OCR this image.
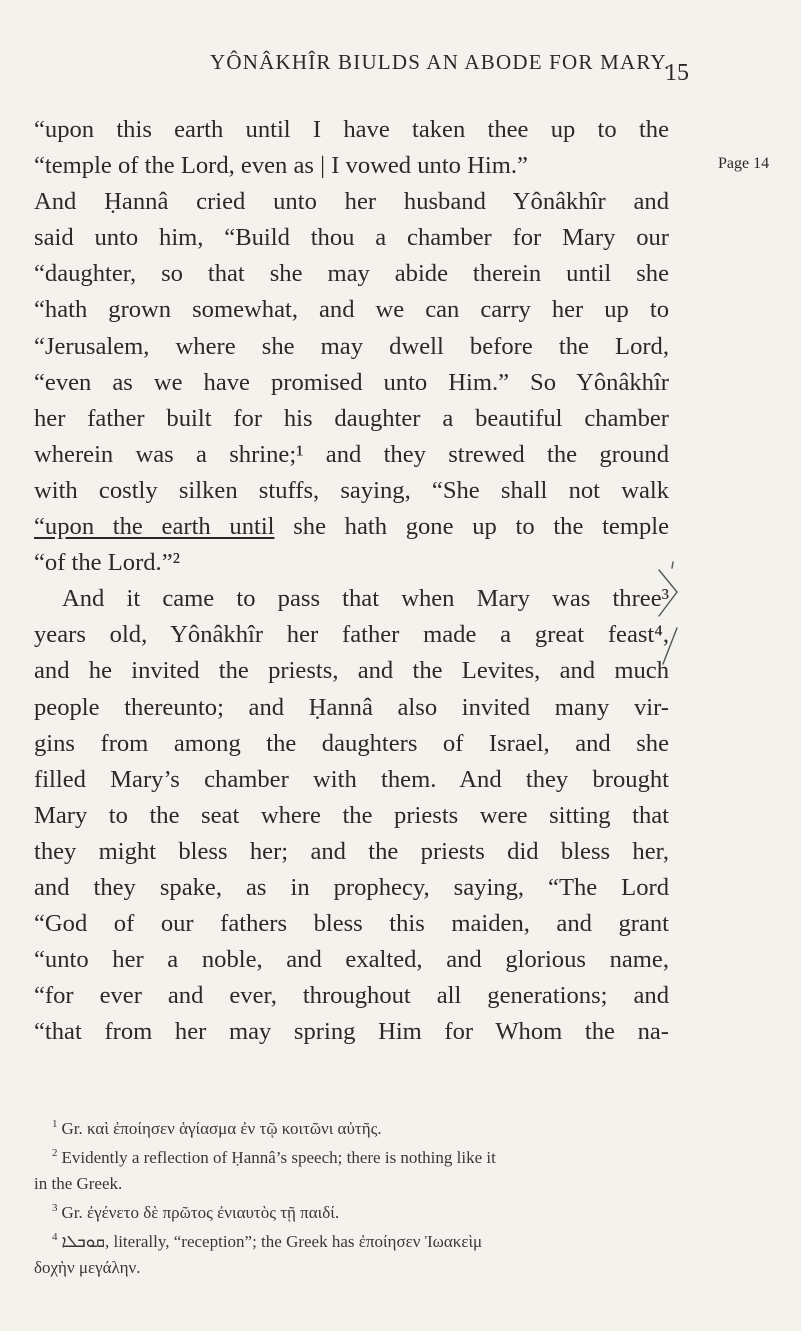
YÔNÂKHÎR BIULDS AN ABODE FOR MARY.
15
Page 14
“upon this earth until I have taken thee up to the
“temple of the Lord, even as | I vowed unto Him.”
And Ḥannâ cried unto her husband Yônâkhîr and
said unto him, “Build thou a chamber for Mary our
“daughter, so that she may abide therein until she
“hath grown somewhat, and we can carry her up to
“Jerusalem, where she may dwell before the Lord,
“even as we have promised unto Him.” So Yônâkhîr
her father built for his daughter a beautiful chamber
wherein was a shrine;¹ and they strewed the ground
with costly silken stuffs, saying, “She shall not walk
“upon the earth until she hath gone up to the temple
“of the Lord.”²
And it came to pass that when Mary was three³
years old, Yônâkhîr her father made a great feast⁴,
and he invited the priests, and the Levites, and much
people thereunto; and Ḥannâ also invited many vir-
gins from among the daughters of Israel, and she
filled Mary’s chamber with them. And they brought
Mary to the seat where the priests were sitting that
they might bless her; and the priests did bless her,
and they spake, as in prophecy, saying, “The Lord
“God of our fathers bless this maiden, and grant
“unto her a noble, and exalted, and glorious name,
“for ever and ever, throughout all generations; and
“that from her may spring Him for Whom the na-
$^1$ Gr. καὶ ἐποίησεν ἁγίασμα ἐν τῷ κοιτῶνι αὐτῆς.
$^2$ Evidently a reflection of Ḥannâ’s speech; there is nothing like it
in the Greek.
$^3$ Gr. ἐγένετο δὲ πρῶτος ἐνιαυτὸς τῇ παιδί.
$^4$ ܩܘܒܠܐ, literally, “reception”; the Greek has ἐποίησεν Ἰωακεὶμ
δοχὴν μεγάλην.
